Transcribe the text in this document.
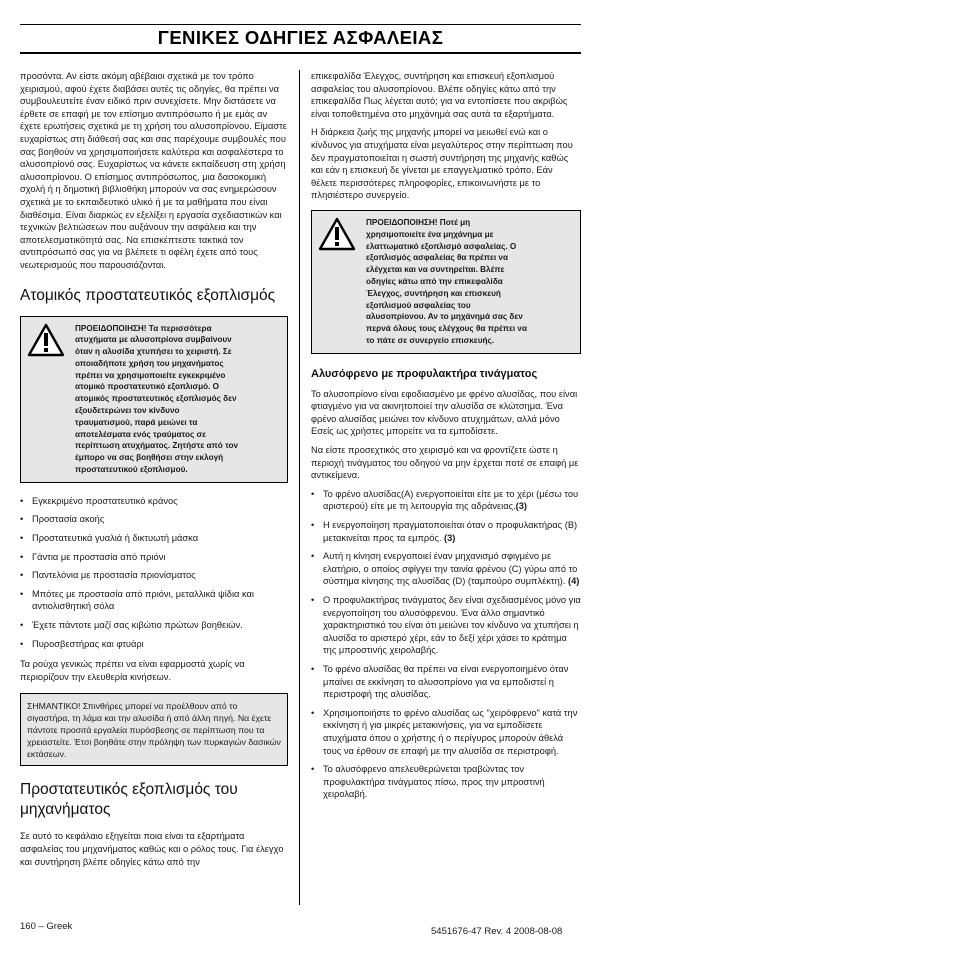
ΓΕΝΙΚΕΣ ΟΔΗΓΙΕΣ ΑΣΦΑΛΕΙΑΣ

προσόντα. Αν είστε ακόμη αβέβαιοι σχετικά με τον τρόπο χειρισμού, αφού έχετε διαβάσει αυτές τις οδηγίες, θα πρέπει να συμβουλευτείτε έναν ειδικό πριν συνεχίσετε. Μην διστάσετε να έρθετε σε επαφή με τον επίσημο αντιπρόσωπο ή με εμάς αν έχετε ερωτήσεις σχετικά με τη χρήση του αλυσοπρίονου. Είμαστε ευχαρίστως στη διάθεσή σας και σας παρέχουμε συμβουλές που σας βοηθούν να χρησιμοποιήσετε καλύτερα και ασφαλέστερα το αλυσοπρίονό σας. Ευχαρίστως να κάνετε εκπαίδευση στη χρήση αλυσοπρίονου. Ο επίσημος αντιπρόσωπος, μια δασοκομική σχολή ή η δημοτική βιβλιοθήκη μπορούν να σας ενημερώσουν σχετικά με το εκπαιδευτικό υλικό ή με τα μαθήματα που είναι διαθέσιμα. Είναι διαρκώς εν εξελίξει η εργασία σχεδιαστικών και τεχνικών βελτιώσεων που αυξάνουν την ασφάλεια και την αποτελεσματικότητά σας. Να επισκέπτεστε τακτικά τον αντιπρόσωπό σας για να βλέπετε τι οφέλη έχετε από τους νεωτερισμούς που παρουσιάζονται.

Ατομικός προστατευτικός εξοπλισμός
ΠΡΟΕΙΔΟΠΟΙΗΣΗ! Τα περισσότερα
ατυχήματα με αλυσοπρίονα συμβαίνουν
όταν η αλυσίδα χτυπήσει το χειριστή. Σε
οποιαδήποτε χρήση του μηχανήματος
πρέπει να χρησιμοποιείτε εγκεκριμένο
ατομικό προστατευτικό εξοπλισμό. Ο
ατομικός προστατευτικός εξοπλισμός δεν
εξουδετερώνει τον κίνδυνο
τραυματισμού, παρά μειώνει τα
αποτελέσματα ενός τραύματος σε
περίπτωση ατυχήματος. Ζητήστε από τον
έμπορο να σας βοηθήσει στην εκλογή
προστατευτικού εξοπλισμού.
• Εγκεκριμένο προστατευτικό κράνος
• Προστασία ακοής
• Προστατευτικά γυαλιά ή δικτυωτή μάσκα
• Γάντια με προστασία από πριόνι
• Παντελόνια με προστασία πριονίσματος
• Μπότες με προστασία από πριόνι, μεταλλικά ψίδια και αντιολισθητική σόλα
• Έχετε πάντοτε μαζί σας κιβώτιο πρώτων βοηθειών.
• Πυροσβεστήρας και φτυάρι

Τα ρούχα γενικώς πρέπει να είναι εφαρμοστά χωρίς να περιορίζουν την ελευθερία κινήσεων.

ΣΗΜΑΝΤΙΚΟ! Σπινθήρες μπορεί να προέλθουν από το σιγαστήρα, τη λάμα και την αλυσίδα ή από άλλη πηγή. Να έχετε πάντοτε προσιτά εργαλεία πυρόσβεσης σε περίπτωση που τα χρειαστείτε. Έτσι βοηθάτε στην πρόληψη των πυρκαγιών δασικών εκτάσεων.
Προστατευτικός εξοπλισμός του μηχανήματος

Σε αυτό το κεφάλαιο εξηγείται ποια είναι τα εξαρτήματα ασφαλείας του μηχανήματος καθώς και ο ρόλος τους. Για έλεγχο και συντήρηση βλέπε οδηγίες κάτω από την

επικεφαλίδα Έλεγχος, συντήρηση και επισκευή εξοπλισμού ασφαλείας του αλυσοπρίονου. Βλέπε οδηγίες κάτω από την επικεφαλίδα Πως λέγεται αυτό; για να εντοπίσετε που ακριβώς είναι τοποθετημένα στο μηχάνημά σας αυτά τα εξαρτήματα.

Η διάρκεια ζωής της μηχανής μπορεί να μειωθεί ενώ και ο κίνδυνος για ατυχήματα είναι μεγαλύτερος στην περίπτωση που δεν πραγματοποιείται η σωστή συντήρηση της μηχανής καθώς και εάν η επισκευή δε γίνεται με επαγγελματικό τρόπο. Εάν θέλετε περισσότερες πληροφορίες, επικοινωνήστε με το πλησιέστερο συνεργείο.

ΠΡΟΕΙΔΟΠΟΙΗΣΗ! Ποτέ μη
χρησιμοποιείτε ένα μηχάνημα με
ελαττωματικό εξοπλισμό ασφαλείας. Ο
εξοπλισμός ασφαλείας θα πρέπει να
ελέγχεται και να συντηρείται. Βλέπε
οδηγίες κάτω από την επικεφαλίδα
Έλεγχος, συντήρηση και επισκευή
εξοπλισμού ασφαλείας του
αλυσοπρίονου. Αν το μηχάνημά σας δεν
περνά όλους τους ελέγχους θα πρέπει να
το πάτε σε συνεργείο επισκευής.
Αλυσόφρενο με προφυλακτήρα τινάγματος

Το αλυσοπρίονο είναι εφοδιασμένο με φρένο αλυσίδας, που είναι φτιαγμένο για να ακινητοποιεί την αλυσίδα σε κλώτσημα. Ένα φρένο αλυσίδας μειώνει τον κίνδυνο ατυχημάτων, αλλά μόνο Εσείς ως χρήστες μπορείτε να τα εμποδίσετε.

Να είστε προσεχτικός στο χειρισμό και να φροντίζετε ώστε η περιοχή τινάγματος του οδηγού να μην έρχεται ποτέ σε επαφή με αντικείμενα.

• Το φρένο αλυσίδας(A) ενεργοποιείται είτε με το χέρι (μέσω του αριστερού) είτε με τη λειτουργία της αδράνειας.(3)
• Η ενεργοποίηση πραγματοποιείται όταν ο προφυλακτήρας (B) μετακινείται προς τα εμπρός. (3)
• Αυτή η κίνηση ενεργοποιεί έναν μηχανισμό σφιγμένο με ελατήριο, ο οποίος σφίγγει την ταινία φρένου (C) γύρω από το σύστημα κίνησης της αλυσίδας (D) (ταμπούρο συμπλέκτη). (4)
• Ο προφυλακτήρας τινάγματος δεν είναι σχεδιασμένος μόνο για ενεργοποίηση του αλυσόφρενου. Ένα άλλο σημαντικό χαρακτηριστικό του είναι ότι μειώνει τον κίνδυνο να χτυπήσει η αλυσίδα το αριστερό χέρι, εάν το δεξί χέρι χάσει το κράτημα της μπροστινής χειρολαβής.
• Το φρένο αλυσίδας θα πρέπει να είναι ενεργοποιημένο όταν μπαίνει σε εκκίνηση το αλυσοπρίονο για να εμποδιστεί η περιστροφή της αλυσίδας.
• Χρησιμοποιήστε το φρένο αλυσίδας ως "χειρόφρενο" κατά την εκκίνηση ή για μικρές μετακινήσεις, για να εμποδίσετε ατυχήματα όπου ο χρήστης ή ο περίγυρος μπορούν άθελά τους να έρθουν σε επαφή με την αλυσίδα σε περιστροφή.
• Το αλυσόφρενο απελευθερώνεται τραβώντας τον προφυλακτήρα τινάγματος πίσω, προς την μπροστινή χειρολαβή.
160 – Greek	5451676-47 Rev. 4 2008-08-08
